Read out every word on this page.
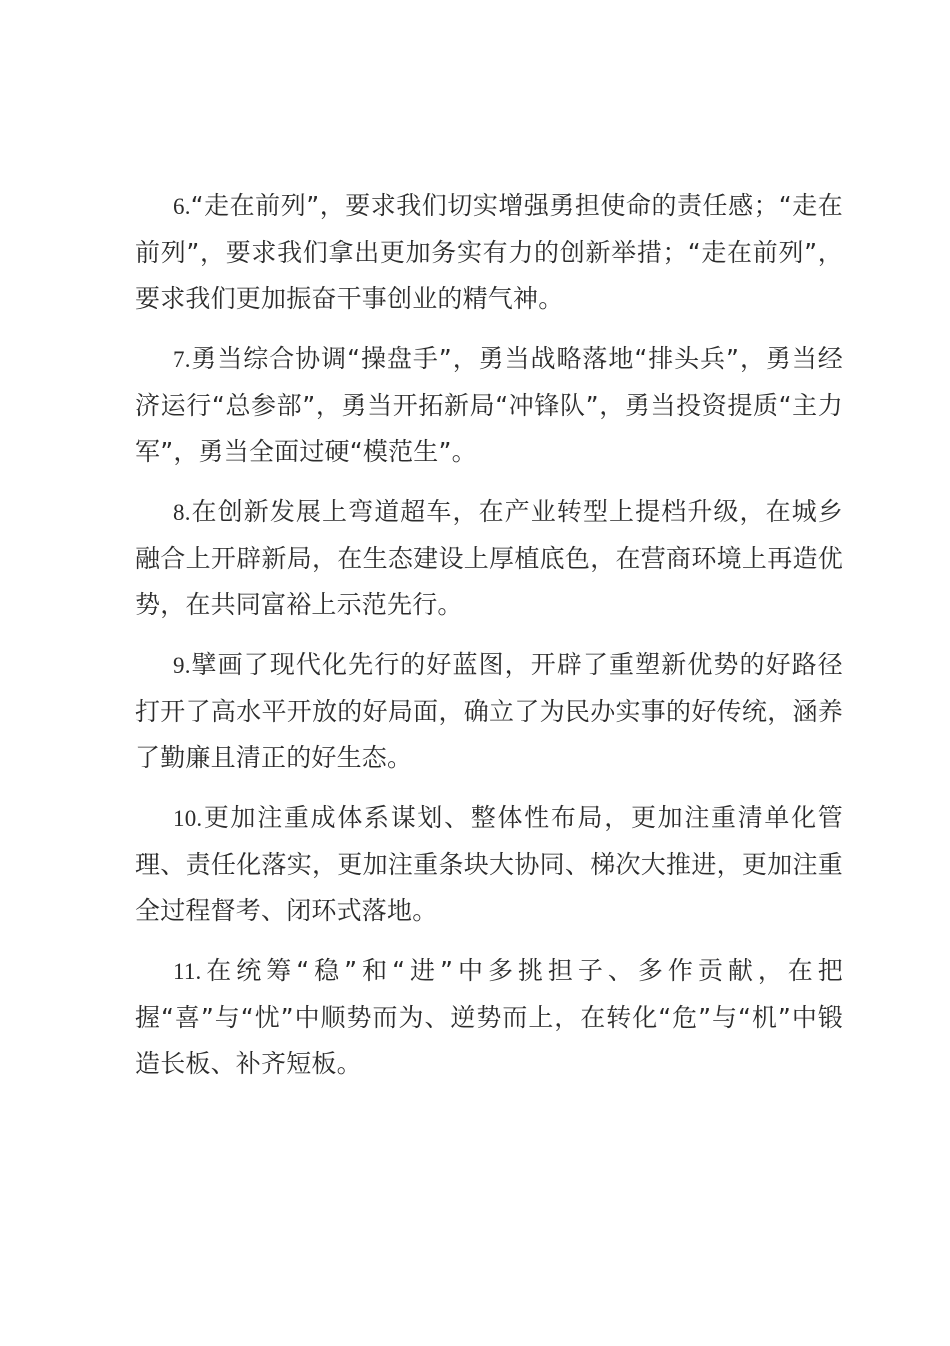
6.“走在前列”，要求我们切实增强勇担使命的责任感；“走在前列”，要求我们拿出更加务实有力的创新举措；“走在前列”，要求我们更加振奋干事创业的精气神。

7.勇当综合协调“操盘手”，勇当战略落地“排头兵”，勇当经济运行“总参部”，勇当开拓新局“冲锋队”，勇当投资提质“主力军”，勇当全面过硬“模范生”。

8.在创新发展上弯道超车，在产业转型上提档升级，在城乡融合上开辟新局，在生态建设上厚植底色，在营商环境上再造优势，在共同富裕上示范先行。

9.擘画了现代化先行的好蓝图，开辟了重塑新优势的好路径打开了高水平开放的好局面，确立了为民办实事的好传统，涵养了勤廉且清正的好生态。

10.更加注重成体系谋划、整体性布局，更加注重清单化管理、责任化落实，更加注重条块大协同、梯次大推进，更加注重全过程督考、闭环式落地。

11.在统筹“稳”和“进”中多挑担子、多作贡献，在把握“喜”与“忧”中顺势而为、逆势而上，在转化“危”与“机”中锻造长板、补齐短板。
